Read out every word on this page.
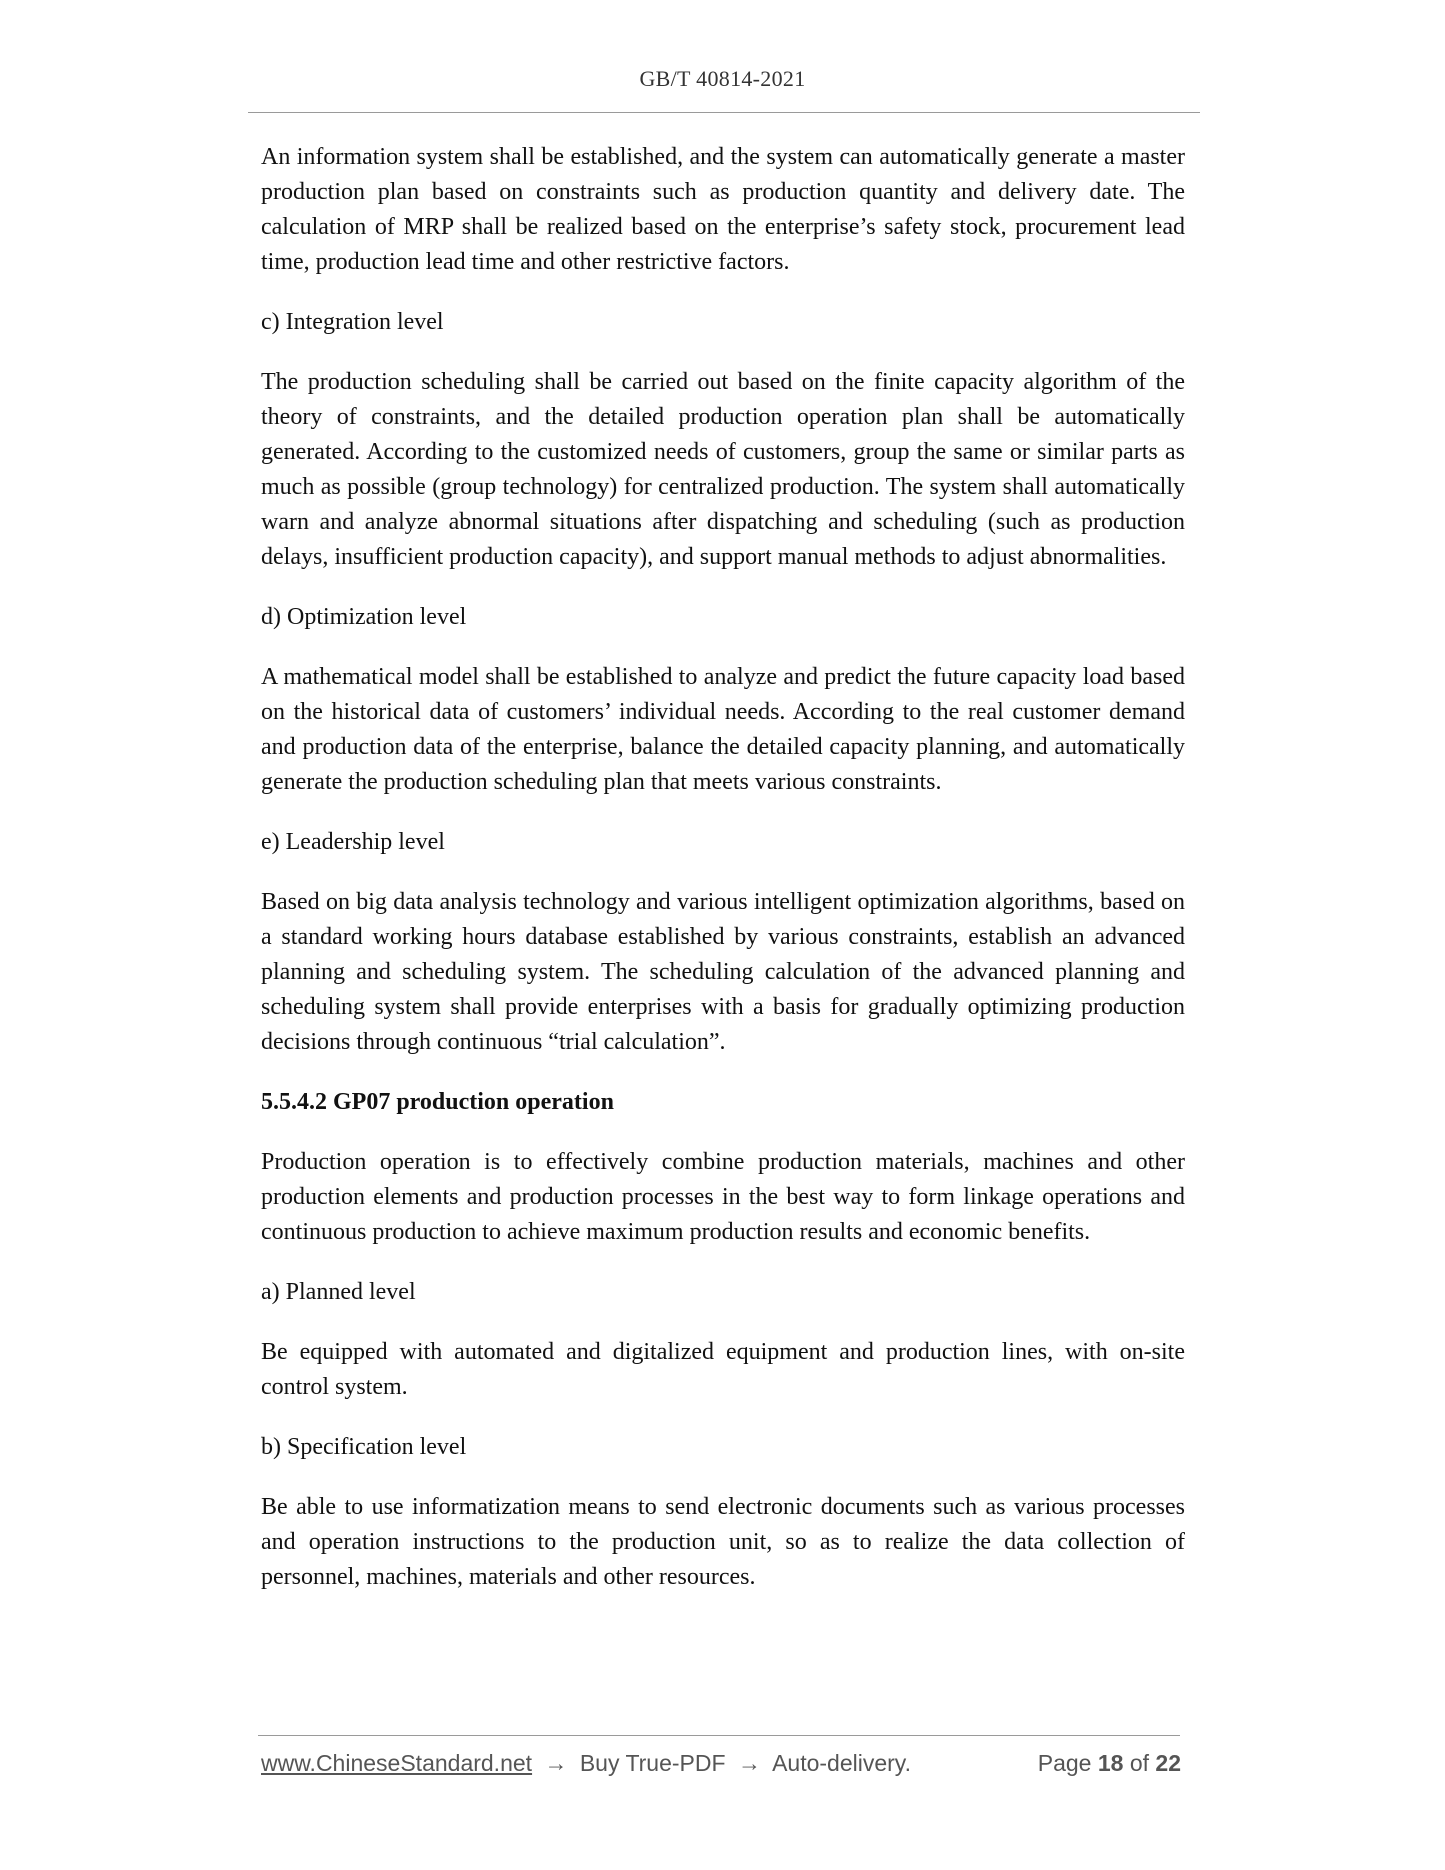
GB/T 40814-2021

An information system shall be established, and the system can automatically generate a master production plan based on constraints such as production quantity and delivery date. The calculation of MRP shall be realized based on the enterprise’s safety stock, procurement lead time, production lead time and other restrictive factors.

c) Integration level

The production scheduling shall be carried out based on the finite capacity algorithm of the theory of constraints, and the detailed production operation plan shall be automatically generated. According to the customized needs of customers, group the same or similar parts as much as possible (group technology) for centralized production. The system shall automatically warn and analyze abnormal situations after dispatching and scheduling (such as production delays, insufficient production capacity), and support manual methods to adjust abnormalities.

d) Optimization level

A mathematical model shall be established to analyze and predict the future capacity load based on the historical data of customers’ individual needs. According to the real customer demand and production data of the enterprise, balance the detailed capacity planning, and automatically generate the production scheduling plan that meets various constraints.

e) Leadership level

Based on big data analysis technology and various intelligent optimization algorithms, based on a standard working hours database established by various constraints, establish an advanced planning and scheduling system. The scheduling calculation of the advanced planning and scheduling system shall provide enterprises with a basis for gradually optimizing production decisions through continuous “trial calculation”.

5.5.4.2 GP07 production operation

Production operation is to effectively combine production materials, machines and other production elements and production processes in the best way to form linkage operations and continuous production to achieve maximum production results and economic benefits.

a) Planned level

Be equipped with automated and digitalized equipment and production lines, with on-site control system.

b) Specification level

Be able to use informatization means to send electronic documents such as various processes and operation instructions to the production unit, so as to realize the data collection of personnel, machines, materials and other resources.

www.ChineseStandard.net → Buy True-PDF → Auto-delivery.	Page 18 of 22
